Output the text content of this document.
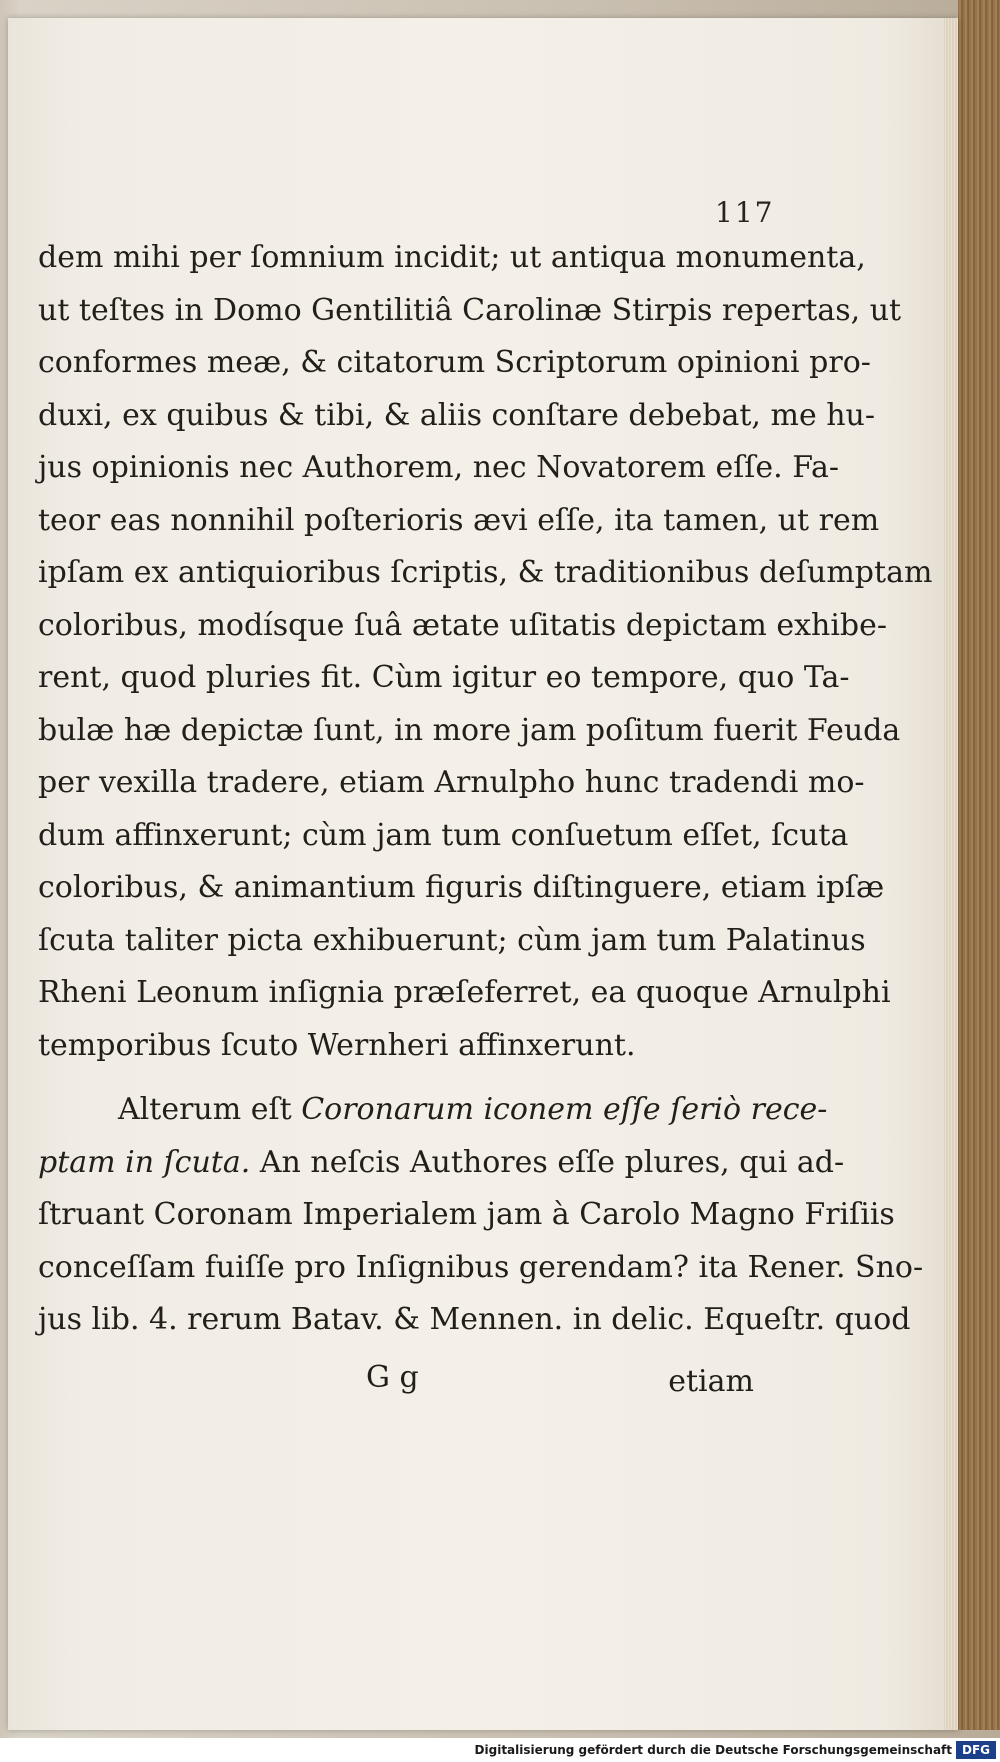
117
dem mihi per ſomnium incidit; ut antiqua monumenta,
ut teſtes in Domo Gentilitiâ Carolinæ Stirpis repertas, ut
conformes meæ, & citatorum Scriptorum opinioni pro-
duxi, ex quibus & tibi, & aliis conſtare debebat, me hu-
jus opinionis nec Authorem, nec Novatorem eſſe. Fa-
teor eas nonnihil poſterioris ævi eſſe, ita tamen, ut rem
ipſam ex antiquioribus ſcriptis, & traditionibus deſumptam
coloribus, modísque ſuâ ætate uſitatis depictam exhibe-
rent, quod pluries fit. Cùm igitur eo tempore, quo Ta-
bulæ hæ depictæ ſunt, in more jam poſitum fuerit Feuda
per vexilla tradere, etiam Arnulpho hunc tradendi mo-
dum affinxerunt; cùm jam tum conſuetum eſſet, ſcuta
coloribus, & animantium figuris diſtinguere, etiam ipſæ
ſcuta taliter picta exhibuerunt; cùm jam tum Palatinus
Rheni Leonum inſignia præſeferret, ea quoque Arnulphi
temporibus ſcuto Wernheri affinxerunt.
Alterum eſt Coronarum iconem eſſe ſeriò rece-
ptam in ſcuta. An neſcis Authores eſſe plures, qui ad-
ſtruant Coronam Imperialem jam à Carolo Magno Friſiis
conceſſam fuiſſe pro Inſignibus gerendam? ita Rener. Sno-
jus lib. 4. rerum Batav. & Mennen. in delic. Equeſtr. quod
G g	etiam
Digitalisierung gefördert durch die Deutsche Forschungsgemeinschaft DFG
